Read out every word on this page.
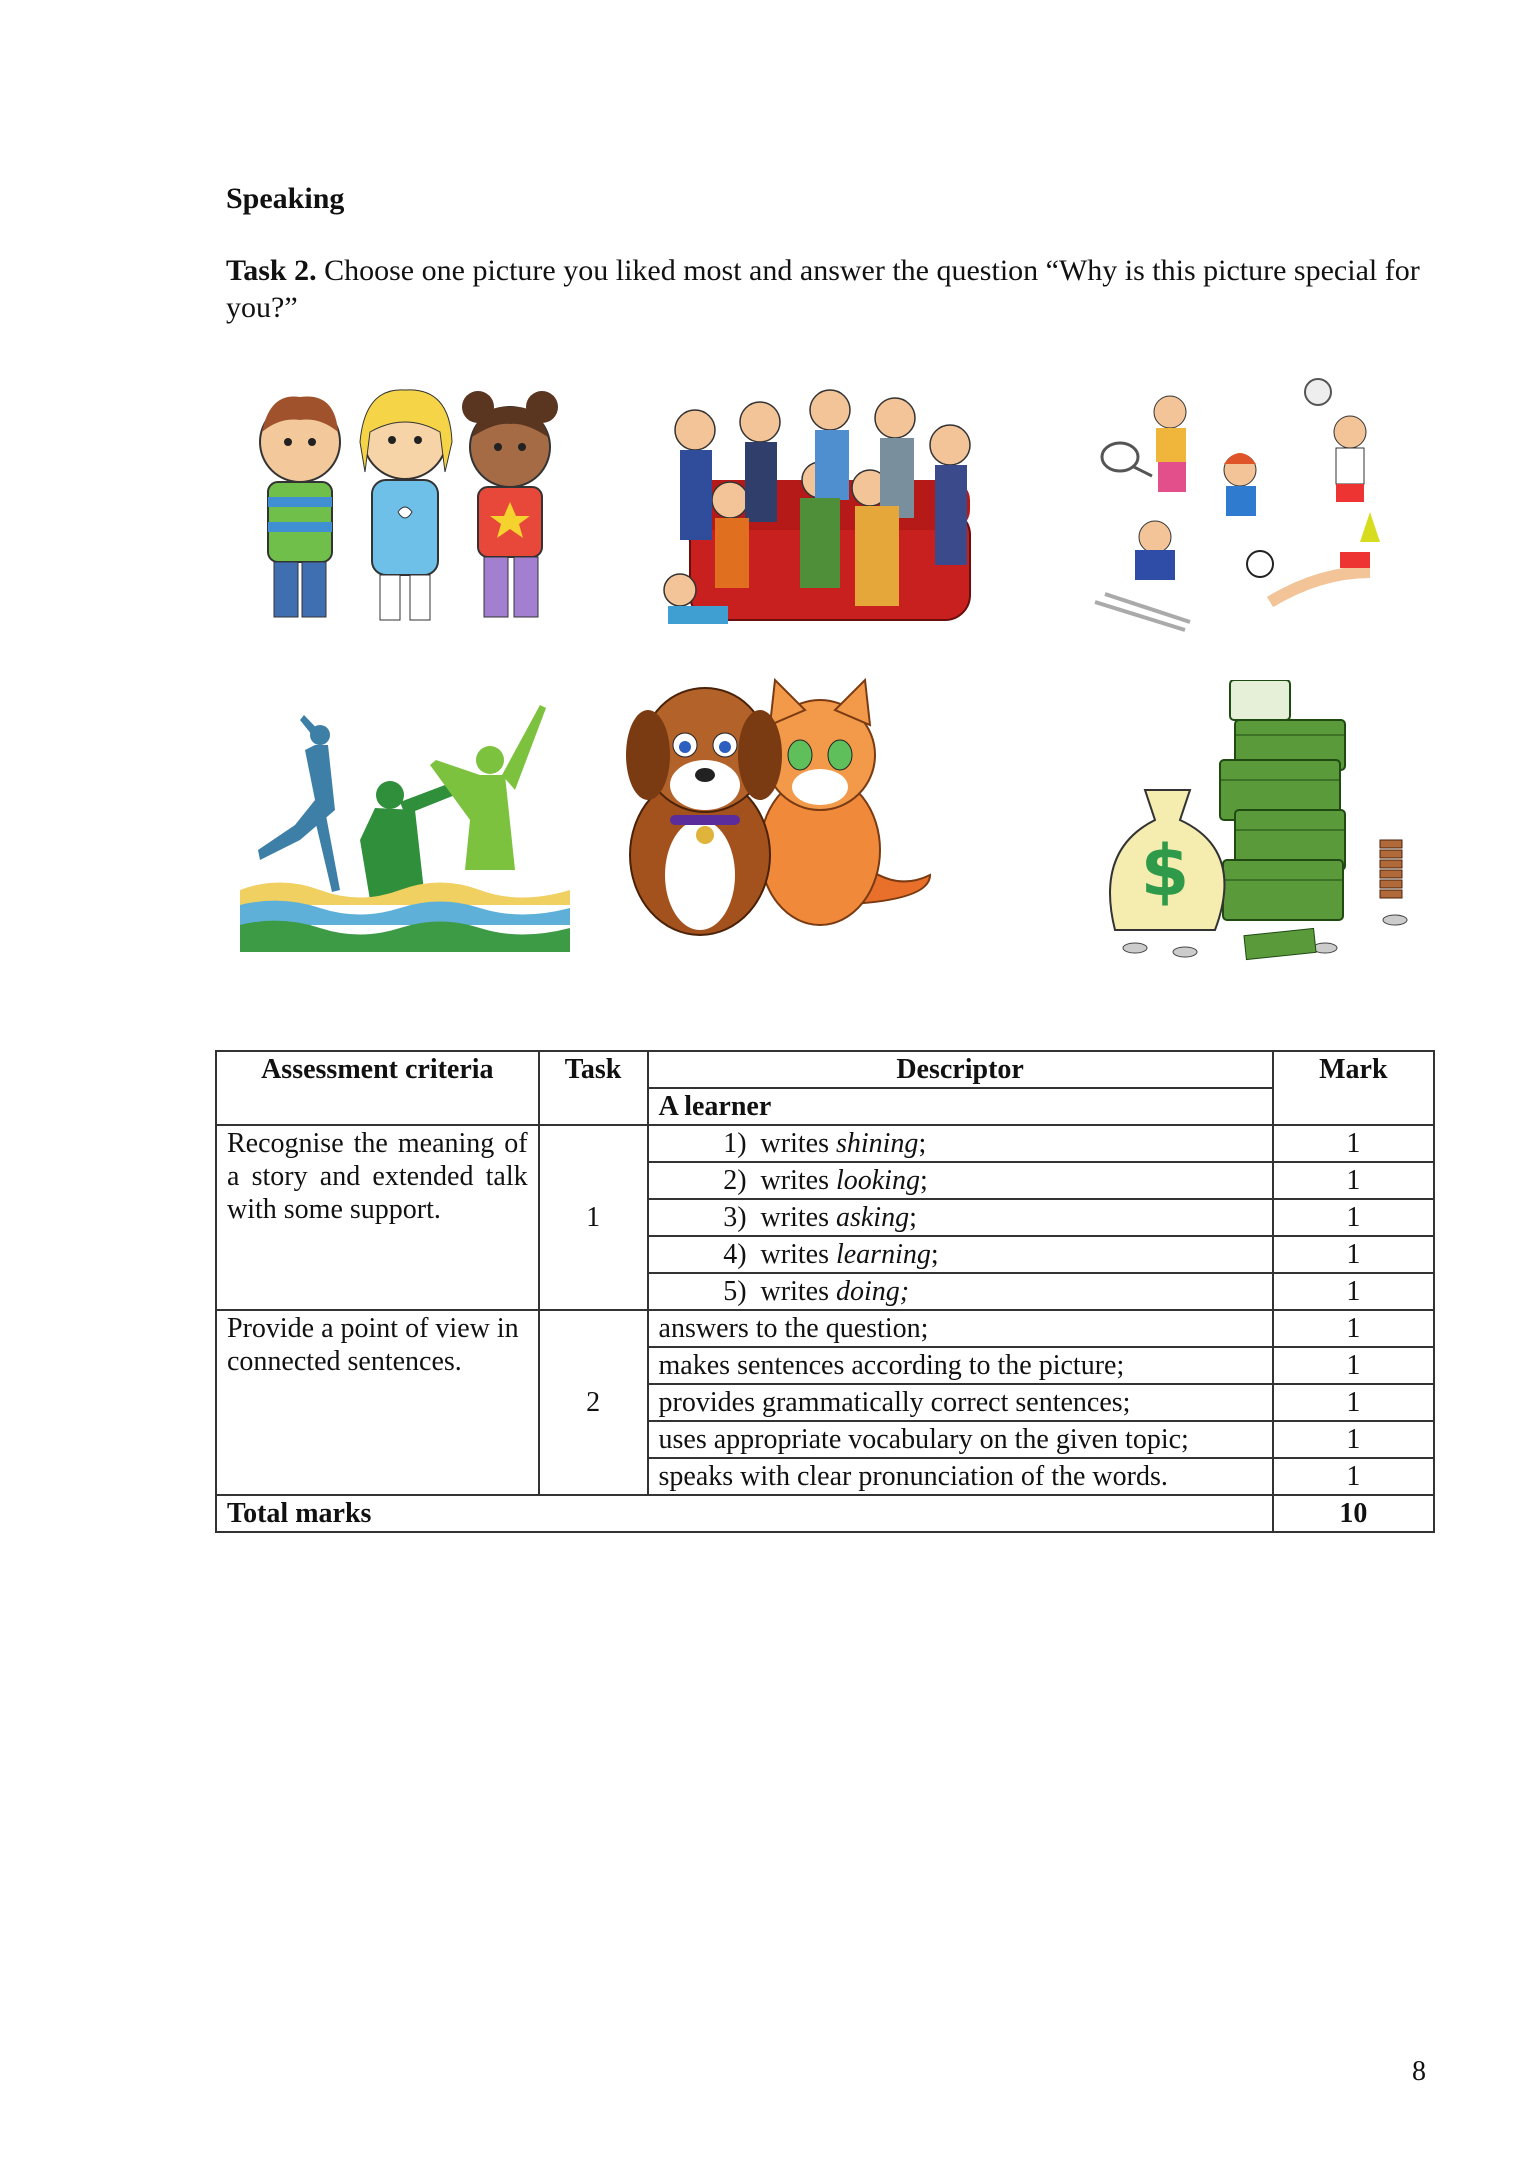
Speaking
Task 2. Choose one picture you liked most and answer the question “Why is this picture special for you?”
$
Assessment criteria	Task	Descriptor	Mark
		A learner	
Recognise the meaning of a story and extended talk with some support.	1	1) writes shining;	1
		2) writes looking;	1
		3) writes asking;	1
		4) writes learning;	1
		5) writes doing;	1
Provide a point of view in connected sentences.	2	answers to the question;	1
		makes sentences according to the picture;	1
		provides grammatically correct sentences;	1
		uses appropriate vocabulary on the given topic;	1
		speaks with clear pronunciation of the words.	1
Total marks			10
8
